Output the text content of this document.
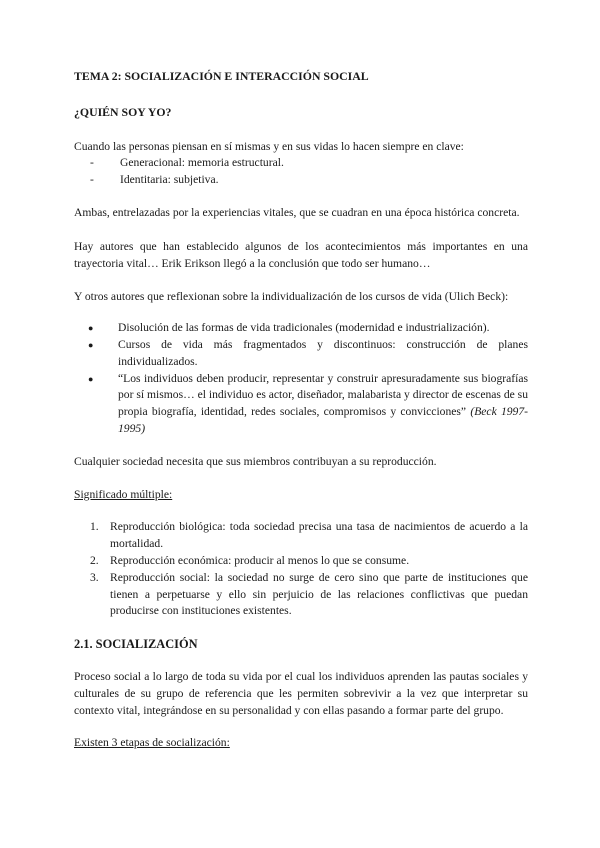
TEMA 2: SOCIALIZACIÓN E INTERACCIÓN SOCIAL

¿QUIÉN SOY YO?

Cuando las personas piensan en sí mismas y en sus vidas lo hacen siempre en clave:

- Generacional: memoria estructural.
- Identitaria: subjetiva.

Ambas, entrelazadas por la experiencias vitales, que se cuadran en una época histórica concreta.

Hay autores que han establecido algunos de los acontecimientos más importantes en una trayectoria vital… Erik Erikson llegó a la conclusión que todo ser humano…

Y otros autores que reflexionan sobre la individualización de los cursos de vida (Ulich Beck):

● Disolución de las formas de vida tradicionales (modernidad e industrialización).
● Cursos de vida más fragmentados y discontinuos: construcción de planes individualizados.
● “Los individuos deben producir, representar y construir apresuradamente sus biografías por sí mismos… el individuo es actor, diseñador, malabarista y director de escenas de su propia biografía, identidad, redes sociales, compromisos y convicciones” (Beck 1997-1995)

Cualquier sociedad necesita que sus miembros contribuyan a su reproducción.

Significado múltiple:

1. Reproducción biológica: toda sociedad precisa una tasa de nacimientos de acuerdo a la mortalidad.
2. Reproducción económica: producir al menos lo que se consume.
3. Reproducción social: la sociedad no surge de cero sino que parte de instituciones que tienen a perpetuarse y ello sin perjuicio de las relaciones conflictivas que puedan producirse con instituciones existentes.

2.1. SOCIALIZACIÓN

Proceso social a lo largo de toda su vida por el cual los individuos aprenden las pautas sociales y culturales de su grupo de referencia que les permiten sobrevivir a la vez que interpretar su contexto vital, integrándose en su personalidad y con ellas pasando a formar parte del grupo.

Existen 3 etapas de socialización:
